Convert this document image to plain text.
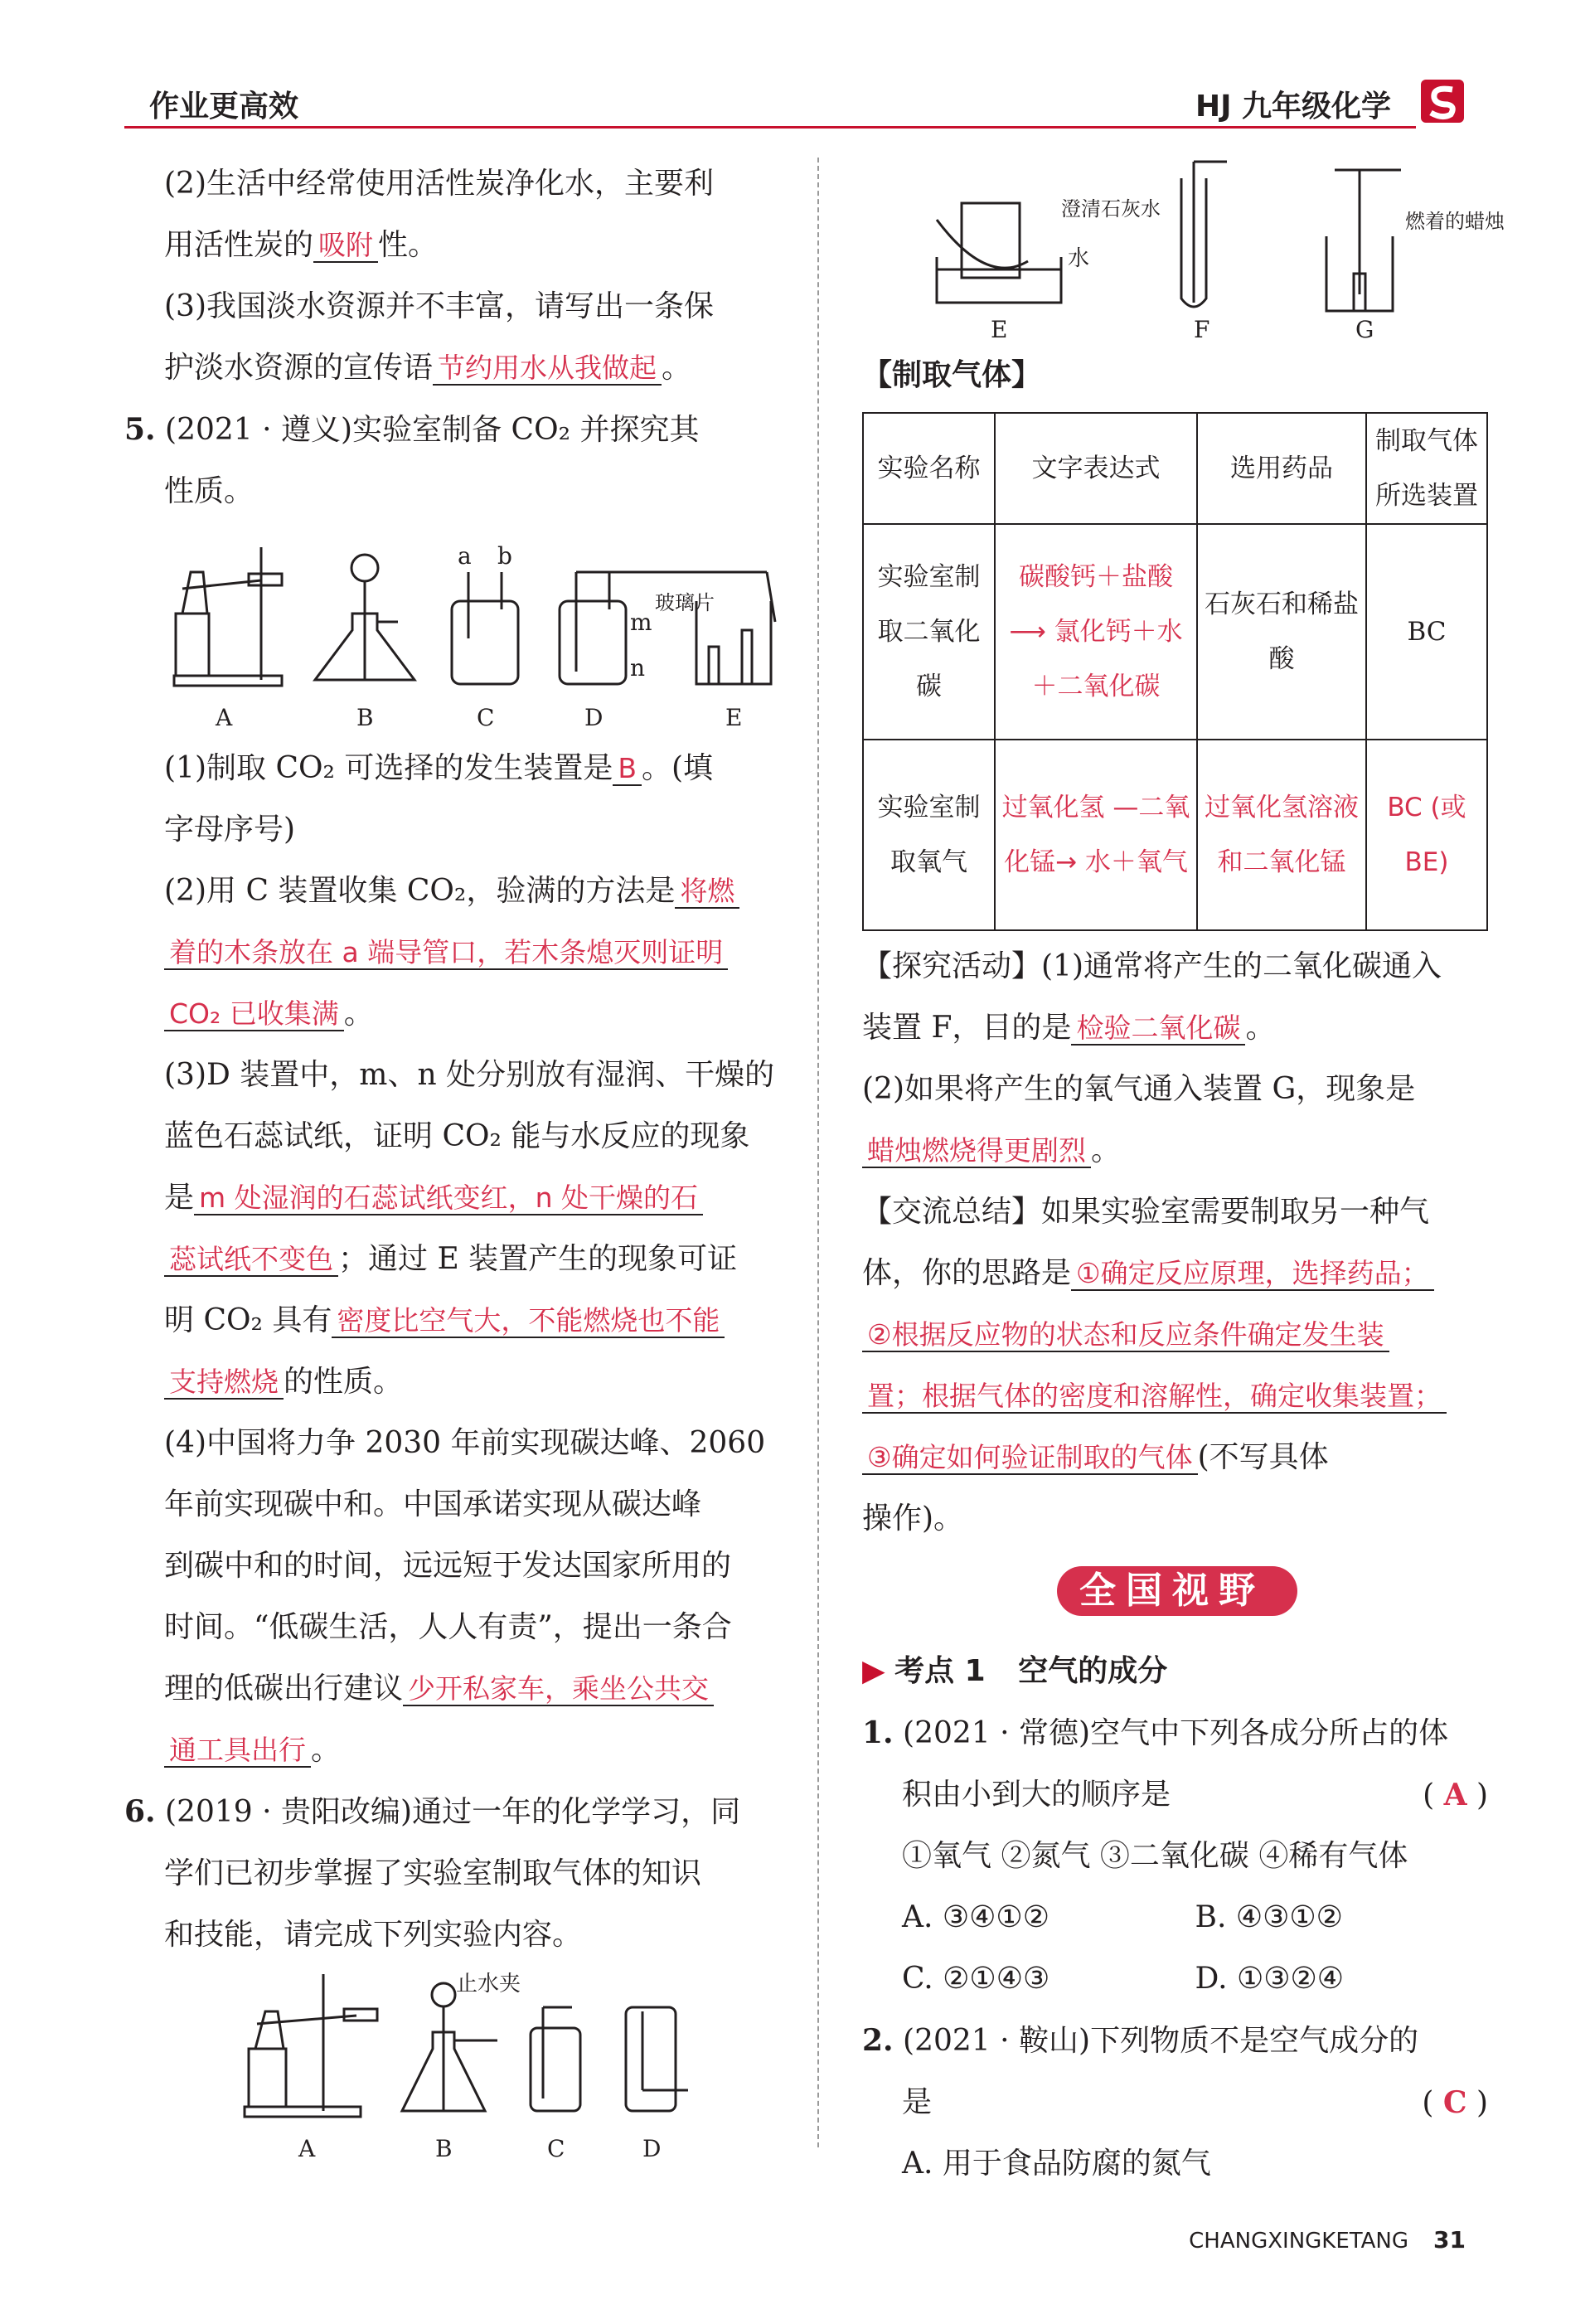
作业更高效	HJ 九年级化学

(2)生活中经常使用活性炭净化水，主要利

用活性炭的 吸附 性。

(3)我国淡水资源并不丰富，请写出一条保

护淡水资源的宣传语 节约用水从我做起 。

5. (2021 · 遵义)实验室制备 CO₂ 并探究其

性质。

A	B	C	D	E
a b
m
n
玻璃片

(1)制取 CO₂ 可选择的发生装置是 B 。(填

字母序号)

(2)用 C 装置收集 CO₂，验满的方法是 将燃

着的木条放在 a 端导管口，若木条熄灭则证明

CO₂ 已收集满 。

(3)D 装置中，m、n 处分别放有湿润、干燥的

蓝色石蕊试纸，证明 CO₂ 能与水反应的现象

是 m 处湿润的石蕊试纸变红，n 处干燥的石

蕊试纸不变色 ；通过 E 装置产生的现象可证

明 CO₂ 具有 密度比空气大，不能燃烧也不能

支持燃烧 的性质。

(4)中国将力争 2030 年前实现碳达峰、2060

年前实现碳中和。中国承诺实现从碳达峰

到碳中和的时间，远远短于发达国家所用的

时间。“低碳生活，人人有责”，提出一条合

理的低碳出行建议 少开私家车，乘坐公共交

通工具出行 。

6. (2019 · 贵阳改编)通过一年的化学学习，同

学们已初步掌握了实验室制取气体的知识

和技能，请完成下列实验内容。

A	B	C	D
止水夹
E	F	G
水
澄清石灰水
燃着的蜡烛

【制取气体】

实验名称	文字表达式	选用药品	制取气体所选装置
实验室制取二氧化碳	碳酸钙＋盐酸 ⟶ 氯化钙＋水＋二氧化碳	石灰石和稀盐酸	BC
实验室制取氧气	过氧化氢 —二氧化锰→ 水＋氧气	过氧化氢溶液和二氧化锰	BC (或 BE)

【探究活动】(1)通常将产生的二氧化碳通入

装置 F，目的是 检验二氧化碳 。

(2)如果将产生的氧气通入装置 G，现象是

蜡烛燃烧得更剧烈 。

【交流总结】如果实验室需要制取另一种气

体，你的思路是 ①确定反应原理，选择药品；

②根据反应物的状态和反应条件确定发生装

置；根据气体的密度和溶解性，确定收集装置；

③确定如何验证制取的气体 (不写具体

操作)。

全国视野

▶ 考点 1 空气的成分

1. (2021 · 常德)空气中下列各成分所占的体

积由小到大的顺序是	( A )

①氧气 ②氮气 ③二氧化碳 ④稀有气体

A. ③④①②	B. ④③①②
C. ②①④③	D. ①③②④

2. (2021 · 鞍山)下列物质不是空气成分的

是	( C )

A. 用于食品防腐的氮气

CHANGXINGKETANG 31
